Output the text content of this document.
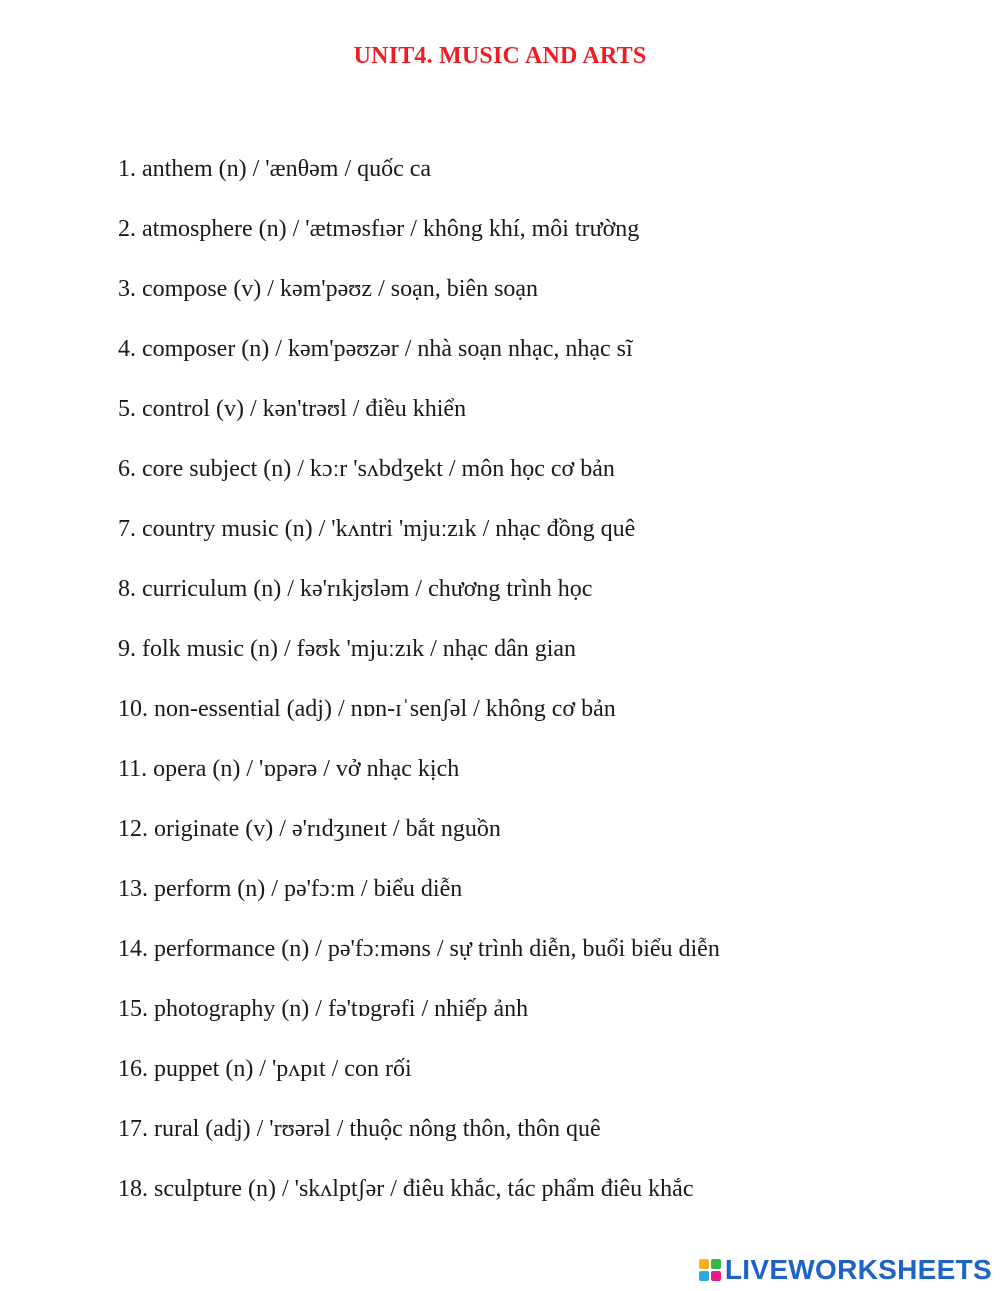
UNIT4. MUSIC AND ARTS
1. anthem (n) / 'ænθəm / quốc ca
2. atmosphere (n) / 'ætməsfıər / không khí, môi trường
3. compose (v) / kəm'pəʊz / soạn, biên soạn
4. composer (n) / kəm'pəʊzər / nhà soạn nhạc, nhạc sĩ
5. control (v) / kən'trəʊl / điều khiển
6. core subject (n) / kɔːr 'sʌbdʒekt / môn học cơ bản
7. country music (n) / 'kʌntri 'mjuːzık / nhạc đồng quê
8. curriculum (n) / kə'rıkjʊləm / chương trình học
9. folk music (n) / fəʊk 'mjuːzık / nhạc dân gian
10. non-essential (adj) / nɒn-ɪˈsenʃəl / không cơ bản
11. opera (n) / 'ɒpərə / vở nhạc kịch
12. originate (v) / ə'rıdʒıneıt / bắt nguồn
13. perform (n) / pə'fɔːm / biểu diễn
14. performance (n) / pə'fɔːməns / sự trình diễn, buổi biểu diễn
15. photography (n) / fə'tɒgrəfi / nhiếp ảnh
16. puppet (n) / 'pʌpıt / con rối
17. rural (adj) / 'rʊərəl / thuộc nông thôn, thôn quê
18. sculpture (n) / 'skʌlptʃər / điêu khắc, tác phẩm điêu khắc
LIVEWORKSHEETS
